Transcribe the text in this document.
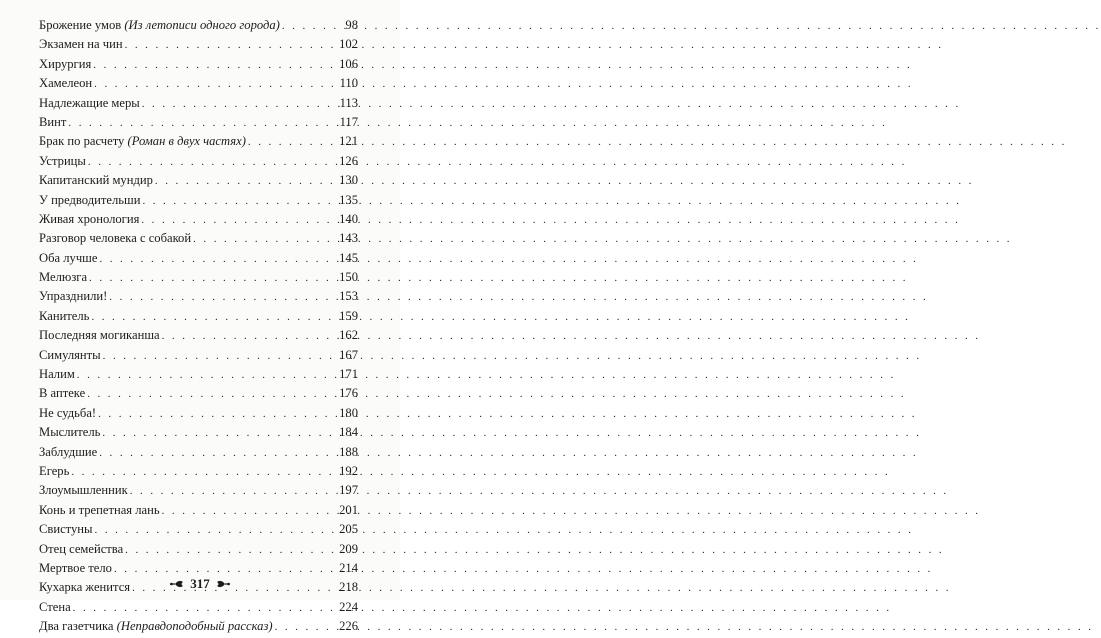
Брожение умов (Из летописи одного города) . . .	98
Экзамен на чин . . .	102
Хирургия . . .	106
Хамелеон . . .	110
Надлежащие меры . . .	113
Винт . . .	117
Брак по расчету (Роман в двух частях) . . .	121
Устрицы . . .	126
Капитанский мундир . . .	130
У предводительши . . .	135
Живая хронология . . .	140
Разговор человека с собакой . . .	143
Оба лучше . . .	145
Мелюзга . . .	150
Упразднили! . . .	153
Канитель . . .	159
Последняя могиканша . . .	162
Симулянты . . .	167
Налим . . .	171
В аптеке . . .	176
Не судьба! . . .	180
Мыслитель . . .	184
Заблудшие . . .	188
Егерь . . .	192
Злоумышленник . . .	197
Конь и трепетная лань . . .	201
Свистуны . . .	205
Отец семейства . . .	209
Мертвое тело . . .	214
Кухарка женится . . .	218
Стена . . .	224
Два газетчика (Неправдоподобный рассказ) . . .	226
317
